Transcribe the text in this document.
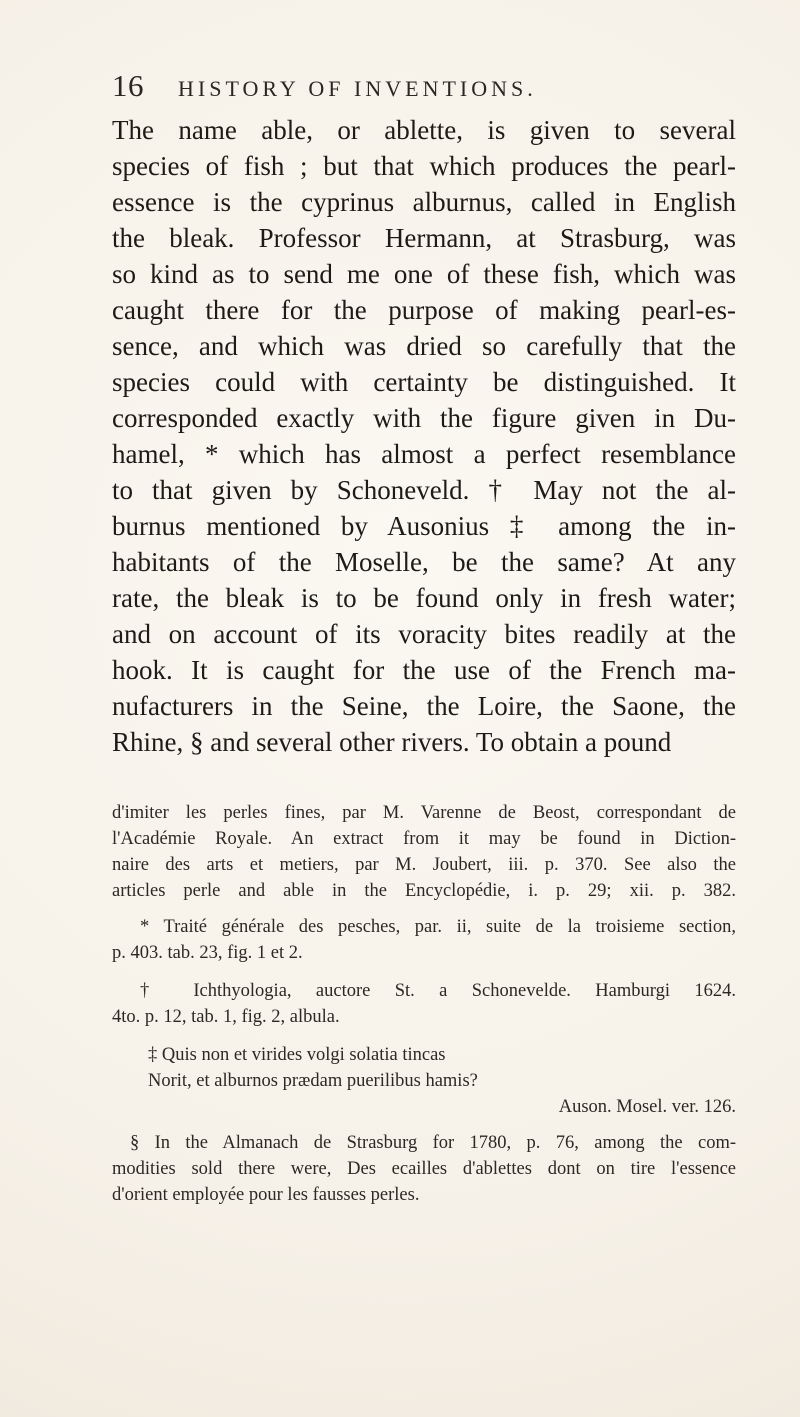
16 HISTORY OF INVENTIONS.
The name able, or ablette, is given to several
species of fish ; but that which produces the pearl-
essence is the cyprinus alburnus, called in English
the bleak. Professor Hermann, at Strasburg, was
so kind as to send me one of these fish, which was
caught there for the purpose of making pearl-es-
sence, and which was dried so carefully that the
species could with certainty be distinguished. It
corresponded exactly with the figure given in Du-
hamel, * which has almost a perfect resemblance
to that given by Schoneveld. † May not the al-
burnus mentioned by Ausonius ‡ among the in-
habitants of the Moselle, be the same? At any
rate, the bleak is to be found only in fresh water;
and on account of its voracity bites readily at the
hook. It is caught for the use of the French ma-
nufacturers in the Seine, the Loire, the Saone, the
Rhine, § and several other rivers. To obtain a pound
d'imiter les perles fines, par M. Varenne de Beost, correspondant de
l'Académie Royale. An extract from it may be found in Diction-
naire des arts et metiers, par M. Joubert, iii. p. 370. See also the
articles perle and able in the Encyclopédie, i. p. 29; xii. p. 382.
* Traité générale des pesches, par. ii, suite de la troisieme section,
p. 403. tab. 23, fig. 1 et 2.
† Ichthyologia, auctore St. a Schonevelde. Hamburgi 1624.
4to. p. 12, tab. 1, fig. 2, albula.
‡ Quis non et virides volgi solatia tincas
Norit, et alburnos prædam puerilibus hamis?
Auson. Mosel. ver. 126.
§ In the Almanach de Strasburg for 1780, p. 76, among the com-
modities sold there were, Des ecailles d'ablettes dont on tire l'essence
d'orient employée pour les fausses perles.
